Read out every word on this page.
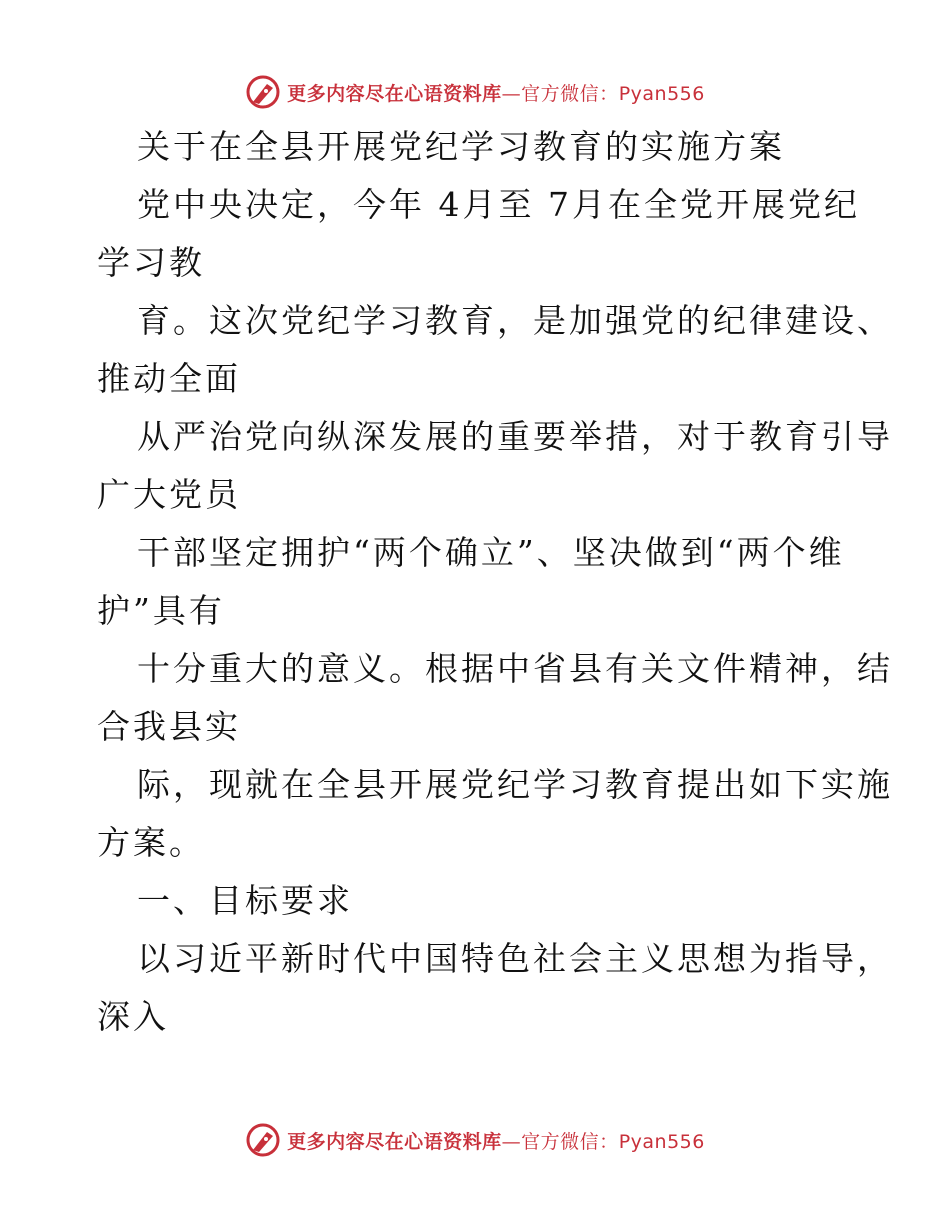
更多内容尽在心语资料库—官方微信：Pyan556
关于在全县开展党纪学习教育的实施方案
党中央决定，今年 4月至 7月在全党开展党纪
学习教
育。这次党纪学习教育，是加强党的纪律建设、
推动全面
从严治党向纵深发展的重要举措，对于教育引导
广大党员
干部坚定拥护“两个确立”、坚决做到“两个维
护”具有
十分重大的意义。根据中省县有关文件精神，结
合我县实
际，现就在全县开展党纪学习教育提出如下实施
方案。
一、目标要求
以习近平新时代中国特色社会主义思想为指导，
深入
更多内容尽在心语资料库—官方微信：Pyan556
